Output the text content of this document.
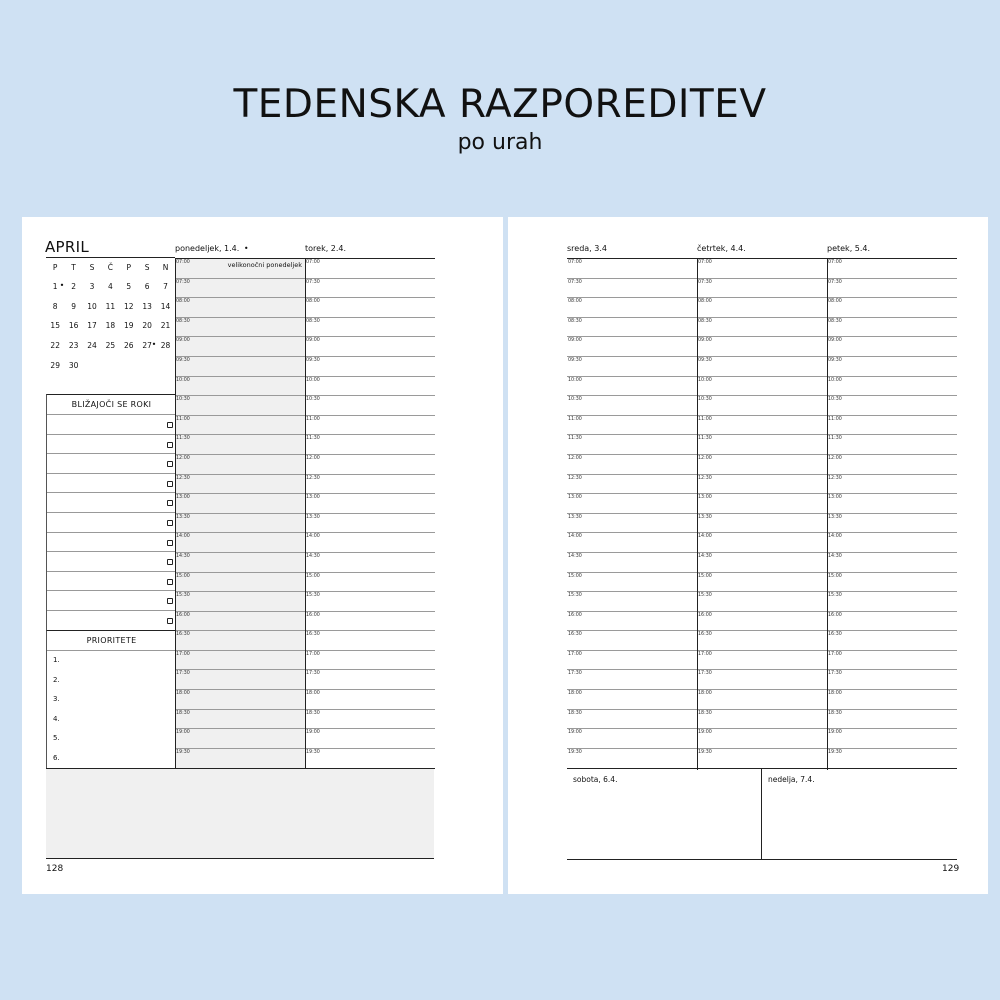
TEDENSKA RAZPOREDITEV
po urah
APRIL
P	T	S	Č	P	S	N
1 •	2	3	4	5	6	7
8	9	10	11	12	13	14
15	16	17	18	19	20	21
22	23	24	25	26	27 •	28
29	30
BLIŽAJOČI SE ROKI
PRIORITETE
1.
2.
3.
4.
5.
6.
ponedeljek, 1.4. •
07:00
07:30
08:00
08:30
09:00
09:30
10:00
10:30
11:00
11:30
12:00
12:30
13:00
13:30
14:00
14:30
15:00
15:30
16:00
16:30
17:00
17:30
18:00
18:30
19:00
19:30
velikonočni ponedeljek
torek, 2.4.
07:00
07:30
08:00
08:30
09:00
09:30
10:00
10:30
11:00
11:30
12:00
12:30
13:00
13:30
14:00
14:30
15:00
15:30
16:00
16:30
17:00
17:30
18:00
18:30
19:00
19:30
128
sreda, 3.4
07:00
07:30
08:00
08:30
09:00
09:30
10:00
10:30
11:00
11:30
12:00
12:30
13:00
13:30
14:00
14:30
15:00
15:30
16:00
16:30
17:00
17:30
18:00
18:30
19:00
19:30
četrtek, 4.4.
07:00
07:30
08:00
08:30
09:00
09:30
10:00
10:30
11:00
11:30
12:00
12:30
13:00
13:30
14:00
14:30
15:00
15:30
16:00
16:30
17:00
17:30
18:00
18:30
19:00
19:30
petek, 5.4.
07:00
07:30
08:00
08:30
09:00
09:30
10:00
10:30
11:00
11:30
12:00
12:30
13:00
13:30
14:00
14:30
15:00
15:30
16:00
16:30
17:00
17:30
18:00
18:30
19:00
19:30
sobota, 6.4.	nedelja, 7.4.
129
